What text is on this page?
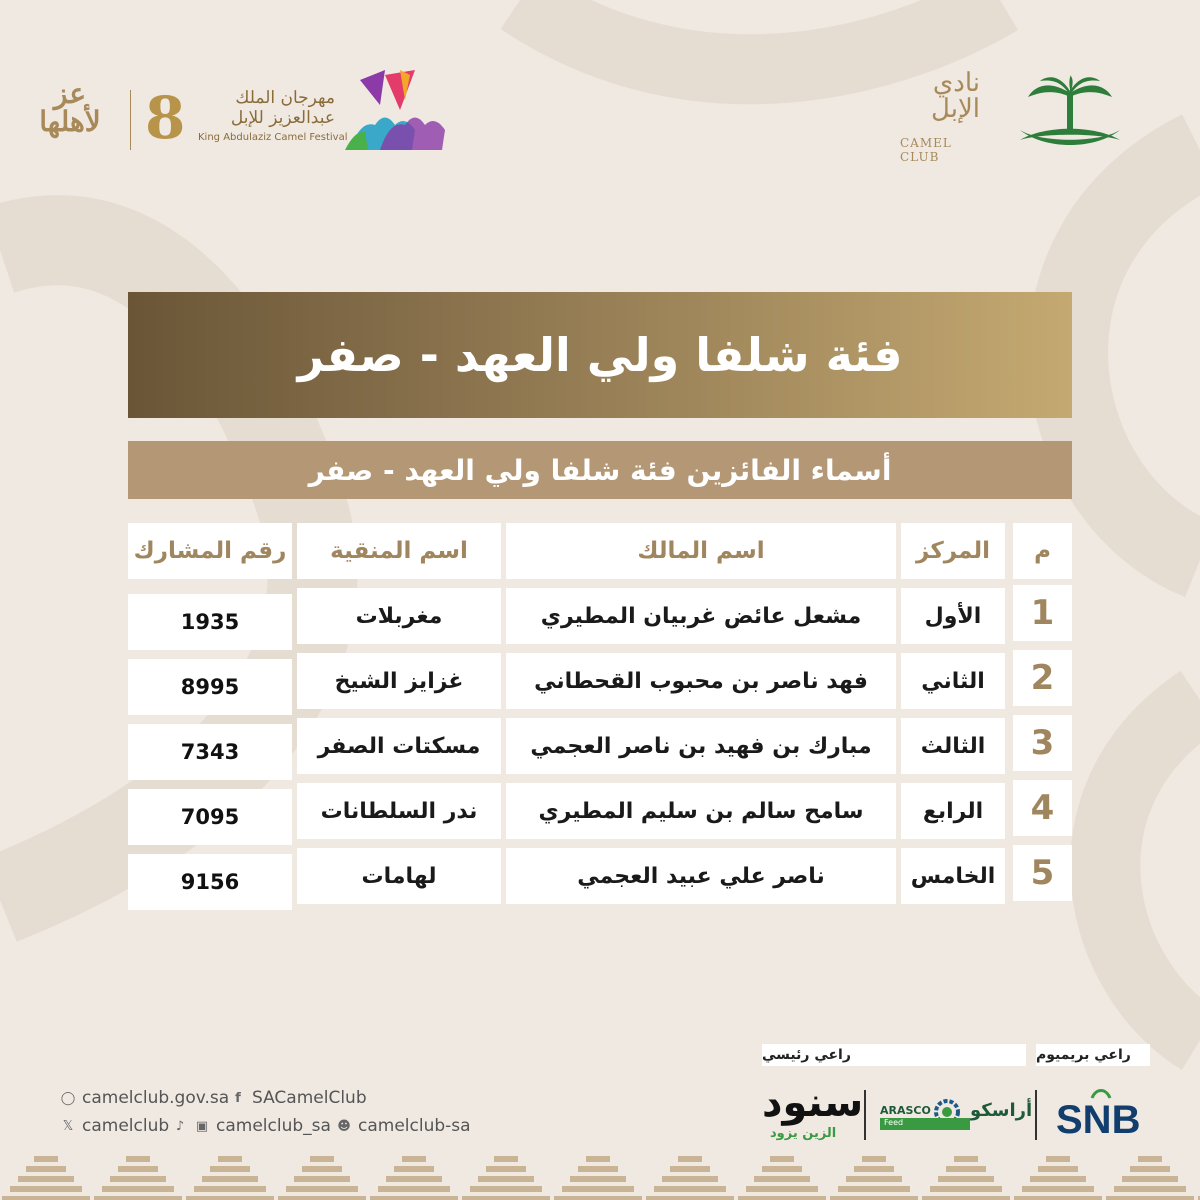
نادي الإبل
CAMEL CLUB
عز لأهلها 8	مهرجان الملك عبدالعزيز للإبل
King Abdulaziz Camel Festival
فئة شلفا ولي العهد - صفر
أسماء الفائزين فئة شلفا ولي العهد - صفر
م
المركز
اسم المالك
اسم المنقية
رقم المشارك
1
الأول
مشعل عائض غربيان المطيري
مغربلات
1935
2
الثاني
فهد ناصر بن محبوب القحطاني
غزايز الشيخ
8995
3
الثالث
مبارك بن فهيد بن ناصر العجمي
مسكتات الصفر
7343
4
الرابع
سامح سالم بن سليم المطيري
ندر السلطانات
7095
5
الخامس
ناصر علي عبيد العجمي
لهامات
9156
◯ camelclub.gov.sa f SACamelClub
𝕏 camelclub ♪ ▣ camelclub_sa ☻ camelclub-sa
راعي رئيسي	راعي بريميوم
SNB
أراسكو
ARASCO
Feed
سنود
الزين يزود
